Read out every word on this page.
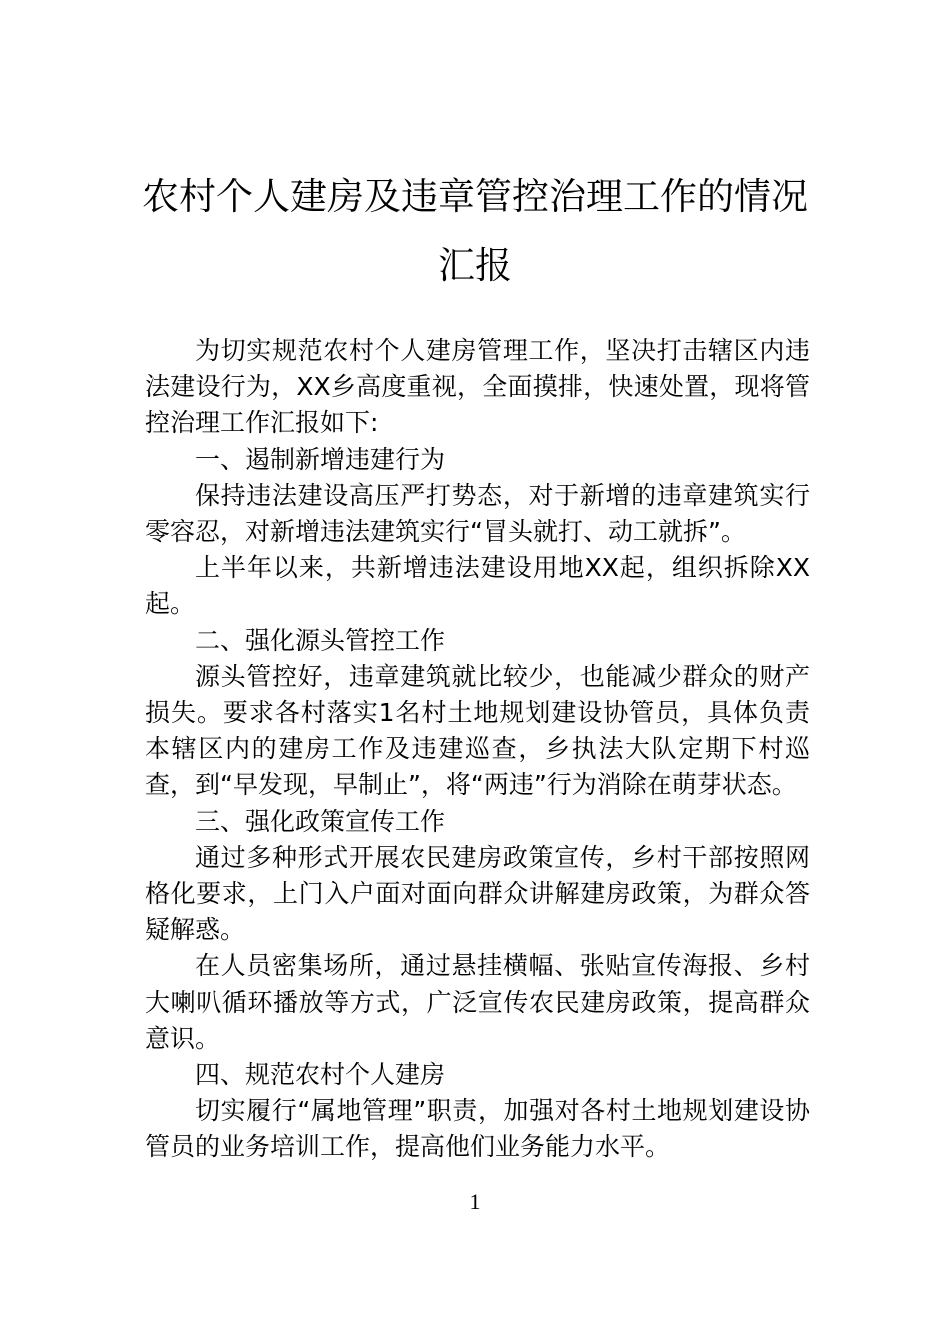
农村个人建房及违章管控治理工作的情况
汇报

为切实规范农村个人建房管理工作，坚决打击辖区内违法建设行为，XX乡高度重视，全面摸排，快速处置，现将管控治理工作汇报如下:

一、遏制新增违建行为

保持违法建设高压严打势态，对于新增的违章建筑实行零容忍，对新增违法建筑实行“冒头就打、动工就拆”。

上半年以来，共新增违法建设用地XX起，组织拆除XX起。

二、强化源头管控工作

源头管控好，违章建筑就比较少，也能减少群众的财产损失。要求各村落实1名村土地规划建设协管员，具体负责本辖区内的建房工作及违建巡查，乡执法大队定期下村巡查，到“早发现，早制止”，将“两违”行为消除在萌芽状态。

三、强化政策宣传工作

通过多种形式开展农民建房政策宣传，乡村干部按照网格化要求，上门入户面对面向群众讲解建房政策，为群众答疑解惑。

在人员密集场所，通过悬挂横幅、张贴宣传海报、乡村大喇叭循环播放等方式，广泛宣传农民建房政策，提高群众意识。

四、规范农村个人建房

切实履行“属地管理”职责，加强对各村土地规划建设协管员的业务培训工作，提高他们业务能力水平。

1
